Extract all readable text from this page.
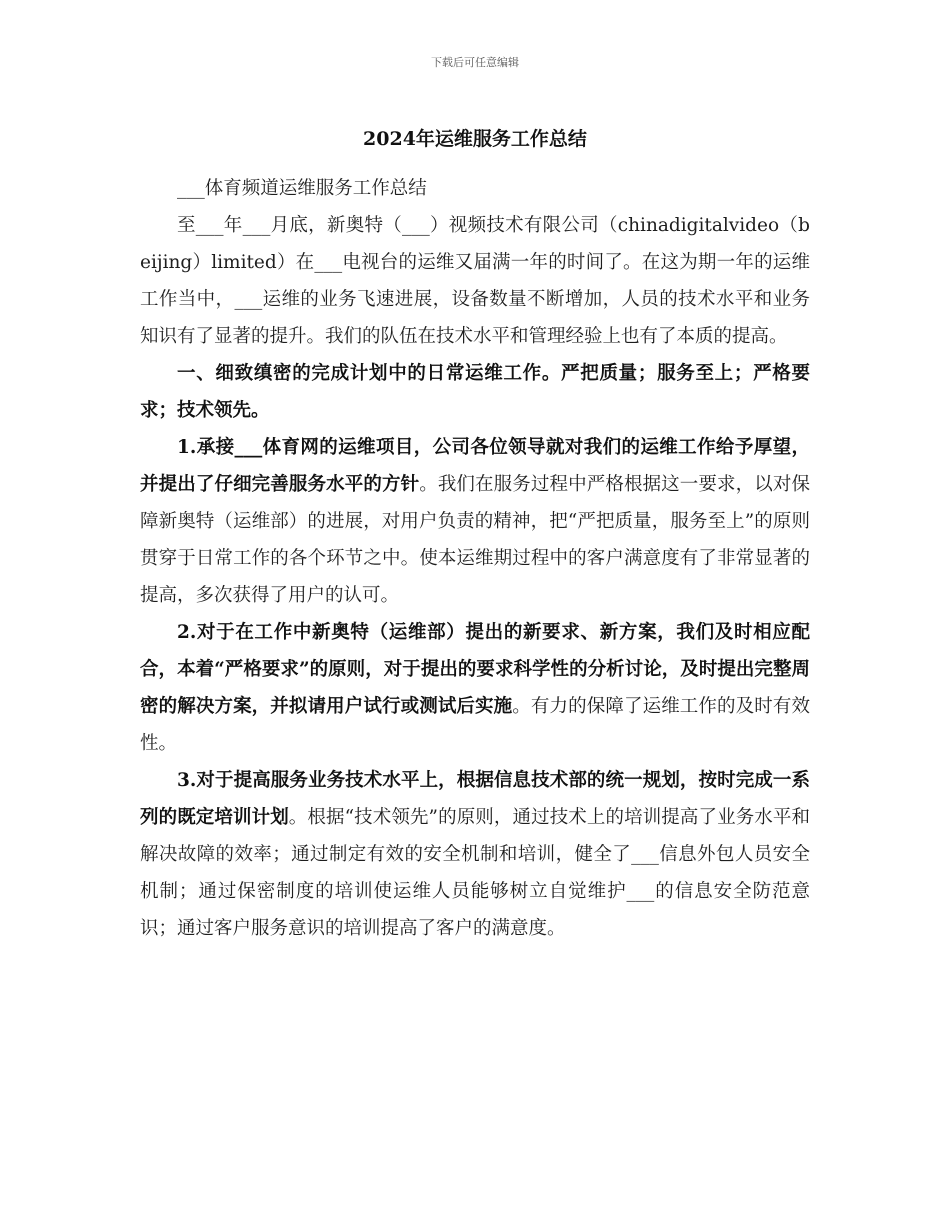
下载后可任意编辑
2024年运维服务工作总结

___体育频道运维服务工作总结

至___年___月底，新奥特（___）视频技术有限公司（chinadigitalvideo（beijing）limited）在___电视台的运维又届满一年的时间了。在这为期一年的运维工作当中，___运维的业务飞速进展，设备数量不断增加，人员的技术水平和业务知识有了显著的提升。我们的队伍在技术水平和管理经验上也有了本质的提高。

一、细致缜密的完成计划中的日常运维工作。严把质量；服务至上；严格要求；技术领先。

1.承接___体育网的运维项目，公司各位领导就对我们的运维工作给予厚望，并提出了仔细完善服务水平的方针。我们在服务过程中严格根据这一要求，以对保障新奥特（运维部）的进展，对用户负责的精神，把“严把质量，服务至上”的原则贯穿于日常工作的各个环节之中。使本运维期过程中的客户满意度有了非常显著的提高，多次获得了用户的认可。

2.对于在工作中新奥特（运维部）提出的新要求、新方案，我们及时相应配合，本着“严格要求”的原则，对于提出的要求科学性的分析讨论，及时提出完整周密的解决方案，并拟请用户试行或测试后实施。有力的保障了运维工作的及时有效性。

3.对于提高服务业务技术水平上，根据信息技术部的统一规划，按时完成一系列的既定培训计划。根据“技术领先”的原则，通过技术上的培训提高了业务水平和解决故障的效率；通过制定有效的安全机制和培训，健全了___信息外包人员安全机制；通过保密制度的培训使运维人员能够树立自觉维护___的信息安全防范意识；通过客户服务意识的培训提高了客户的满意度。
